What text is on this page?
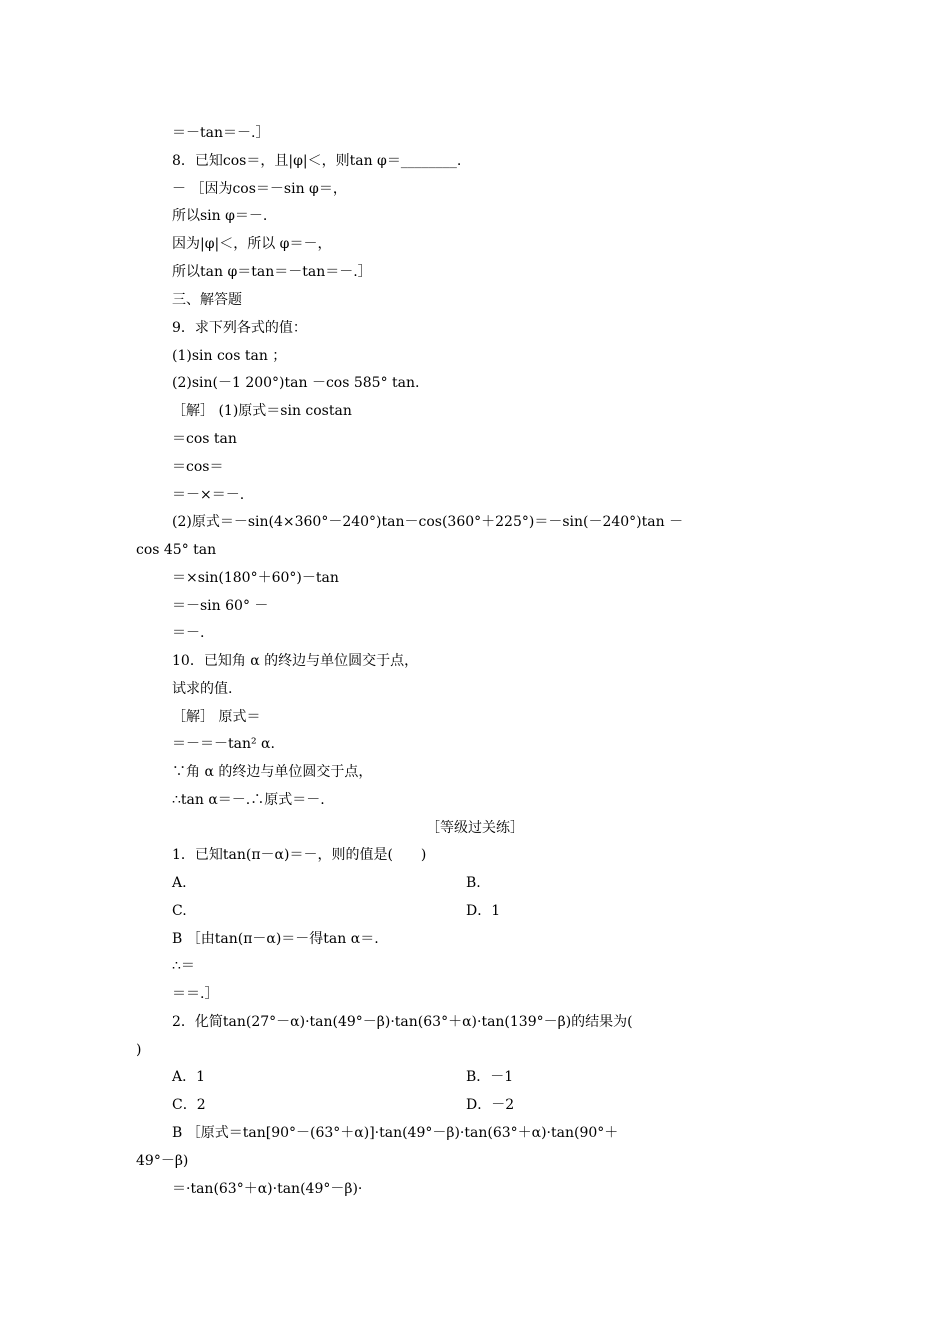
＝－tan＝－.］
8．已知cos＝，且|φ|＜，则tan φ＝________.
－ ［因为cos＝－sin φ＝，
所以sin φ＝－.
因为|φ|＜，所以 φ＝－，
所以tan φ＝tan＝－tan＝－.］
三、解答题
9．求下列各式的值：
(1)sin cos tan ；
(2)sin(－1 200°)tan －cos 585° tan.
［解］ (1)原式＝sin costan
＝cos tan
＝cos＝
＝－×＝－.
(2)原式＝－sin(4×360°－240°)tan－cos(360°＋225°)＝－sin(－240°)tan －
cos 45° tan
＝×sin(180°＋60°)－tan
＝－sin 60° －
＝－.
10．已知角 α 的终边与单位圆交于点，
试求的值.
［解］ 原式＝
＝－＝－tan² α.
∵角 α 的终边与单位圆交于点，
∴tan α＝－.∴原式＝－.
［等级过关练］
1．已知tan(π－α)＝－，则的值是(　　)
A.	B.
C.	D．1
B ［由tan(π－α)＝－得tan α＝.
∴＝
＝＝.］
2．化简tan(27°－α)·tan(49°－β)·tan(63°＋α)·tan(139°－β)的结果为(
)
A．1	B．－1
C．2	D．－2
B ［原式＝tan[90°－(63°＋α)]·tan(49°－β)·tan(63°＋α)·tan(90°＋
49°－β)
＝·tan(63°＋α)·tan(49°－β)·
